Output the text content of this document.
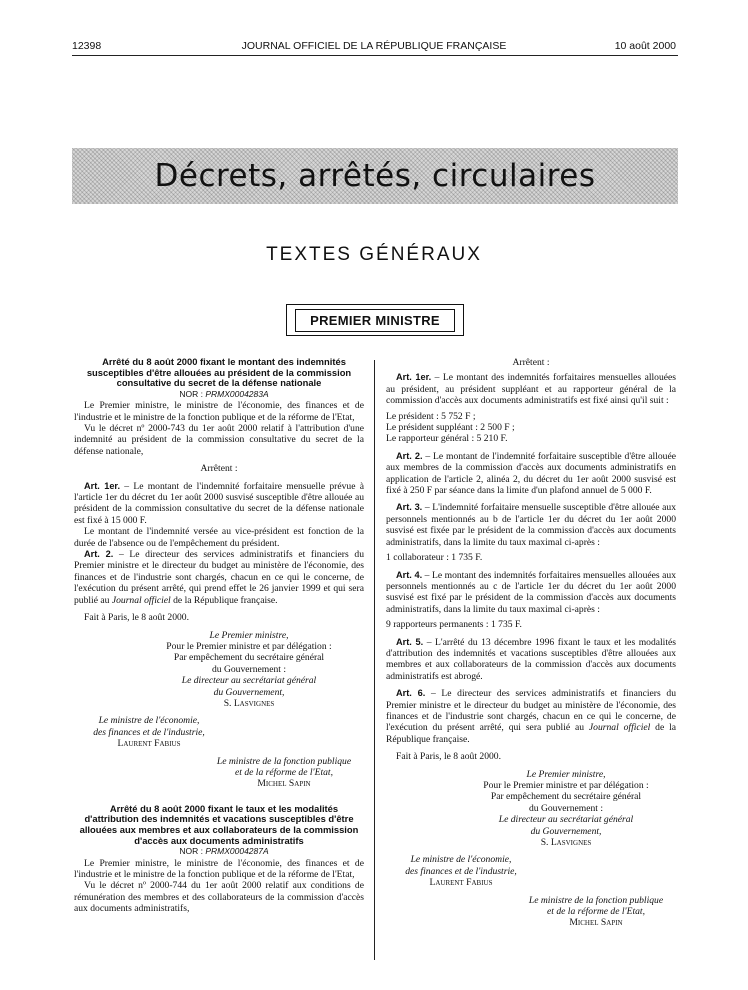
12398	JOURNAL OFFICIEL DE LA RÉPUBLIQUE FRANÇAISE	10 août 2000
Décrets, arrêtés, circulaires
TEXTES GÉNÉRAUX
PREMIER MINISTRE

Arrêté du 8 août 2000 fixant le montant des indemnités susceptibles d'être allouées au président de la commission consultative du secret de la défense nationale

NOR : PRMX0004283A

Le Premier ministre, le ministre de l'économie, des finances et de l'industrie et le ministre de la fonction publique et de la réforme de l'Etat,

Vu le décret nº 2000-743 du 1er août 2000 relatif à l'attribution d'une indemnité au président de la commission consultative du secret de la défense nationale,

Arrêtent :

Art. 1er. – Le montant de l'indemnité forfaitaire mensuelle prévue à l'article 1er du décret du 1er août 2000 susvisé susceptible d'être allouée au président de la commission consultative du secret de la défense nationale est fixé à 15 000 F.

Le montant de l'indemnité versée au vice-président est fonction de la durée de l'absence ou de l'empêchement du président.

Art. 2. – Le directeur des services administratifs et financiers du Premier ministre et le directeur du budget au ministère de l'économie, des finances et de l'industrie sont chargés, chacun en ce qui le concerne, de l'exécution du présent arrêté, qui prend effet le 26 janvier 1999 et qui sera publié au Journal officiel de la République française.

Fait à Paris, le 8 août 2000.

Le Premier ministre,

Pour le Premier ministre et par délégation :

Par empêchement du secrétaire général

du Gouvernement :

Le directeur au secrétariat général

du Gouvernement,

S. Lasvignes

Le ministre de l'économie,

des finances et de l'industrie,

Laurent Fabius

Le ministre de la fonction publique

et de la réforme de l'Etat,

Michel Sapin

Arrêté du 8 août 2000 fixant le taux et les modalités d'attribution des indemnités et vacations susceptibles d'être allouées aux membres et aux collaborateurs de la commission d'accès aux documents administratifs

NOR : PRMX0004287A

Le Premier ministre, le ministre de l'économie, des finances et de l'industrie et le ministre de la fonction publique et de la réforme de l'Etat,

Vu le décret nº 2000-744 du 1er août 2000 relatif aux conditions de rémunération des membres et des collaborateurs de la commission d'accès aux documents administratifs,

Arrêtent :

Art. 1er. – Le montant des indemnités forfaitaires mensuelles allouées au président, au président suppléant et au rapporteur général de la commission d'accès aux documents administratifs est fixé ainsi qu'il suit :

Le président : 5 752 F ;

Le président suppléant : 2 500 F ;

Le rapporteur général : 5 210 F.

Art. 2. – Le montant de l'indemnité forfaitaire susceptible d'être allouée aux membres de la commission d'accès aux documents administratifs en application de l'article 2, alinéa 2, du décret du 1er août 2000 susvisé est fixé à 250 F par séance dans la limite d'un plafond annuel de 5 000 F.

Art. 3. – L'indemnité forfaitaire mensuelle susceptible d'être allouée aux personnels mentionnés au b de l'article 1er du décret du 1er août 2000 susvisé est fixée par le président de la commission d'accès aux documents administratifs, dans la limite du taux maximal ci-après :

1 collaborateur : 1 735 F.

Art. 4. – Le montant des indemnités forfaitaires mensuelles allouées aux personnels mentionnés au c de l'article 1er du décret du 1er août 2000 susvisé est fixé par le président de la commission d'accès aux documents administratifs, dans la limite du taux maximal ci-après :

9 rapporteurs permanents : 1 735 F.

Art. 5. – L'arrêté du 13 décembre 1996 fixant le taux et les modalités d'attribution des indemnités et vacations susceptibles d'être allouées aux membres et aux collaborateurs de la commission d'accès aux documents administratifs est abrogé.

Art. 6. – Le directeur des services administratifs et financiers du Premier ministre et le directeur du budget au ministère de l'économie, des finances et de l'industrie sont chargés, chacun en ce qui le concerne, de l'exécution du présent arrêté, qui sera publié au Journal officiel de la République française.

Fait à Paris, le 8 août 2000.

Le Premier ministre,

Pour le Premier ministre et par délégation :

Par empêchement du secrétaire général

du Gouvernement :

Le directeur au secrétariat général

du Gouvernement,

S. Lasvignes

Le ministre de l'économie,

des finances et de l'industrie,

Laurent Fabius

Le ministre de la fonction publique

et de la réforme de l'Etat,

Michel Sapin
